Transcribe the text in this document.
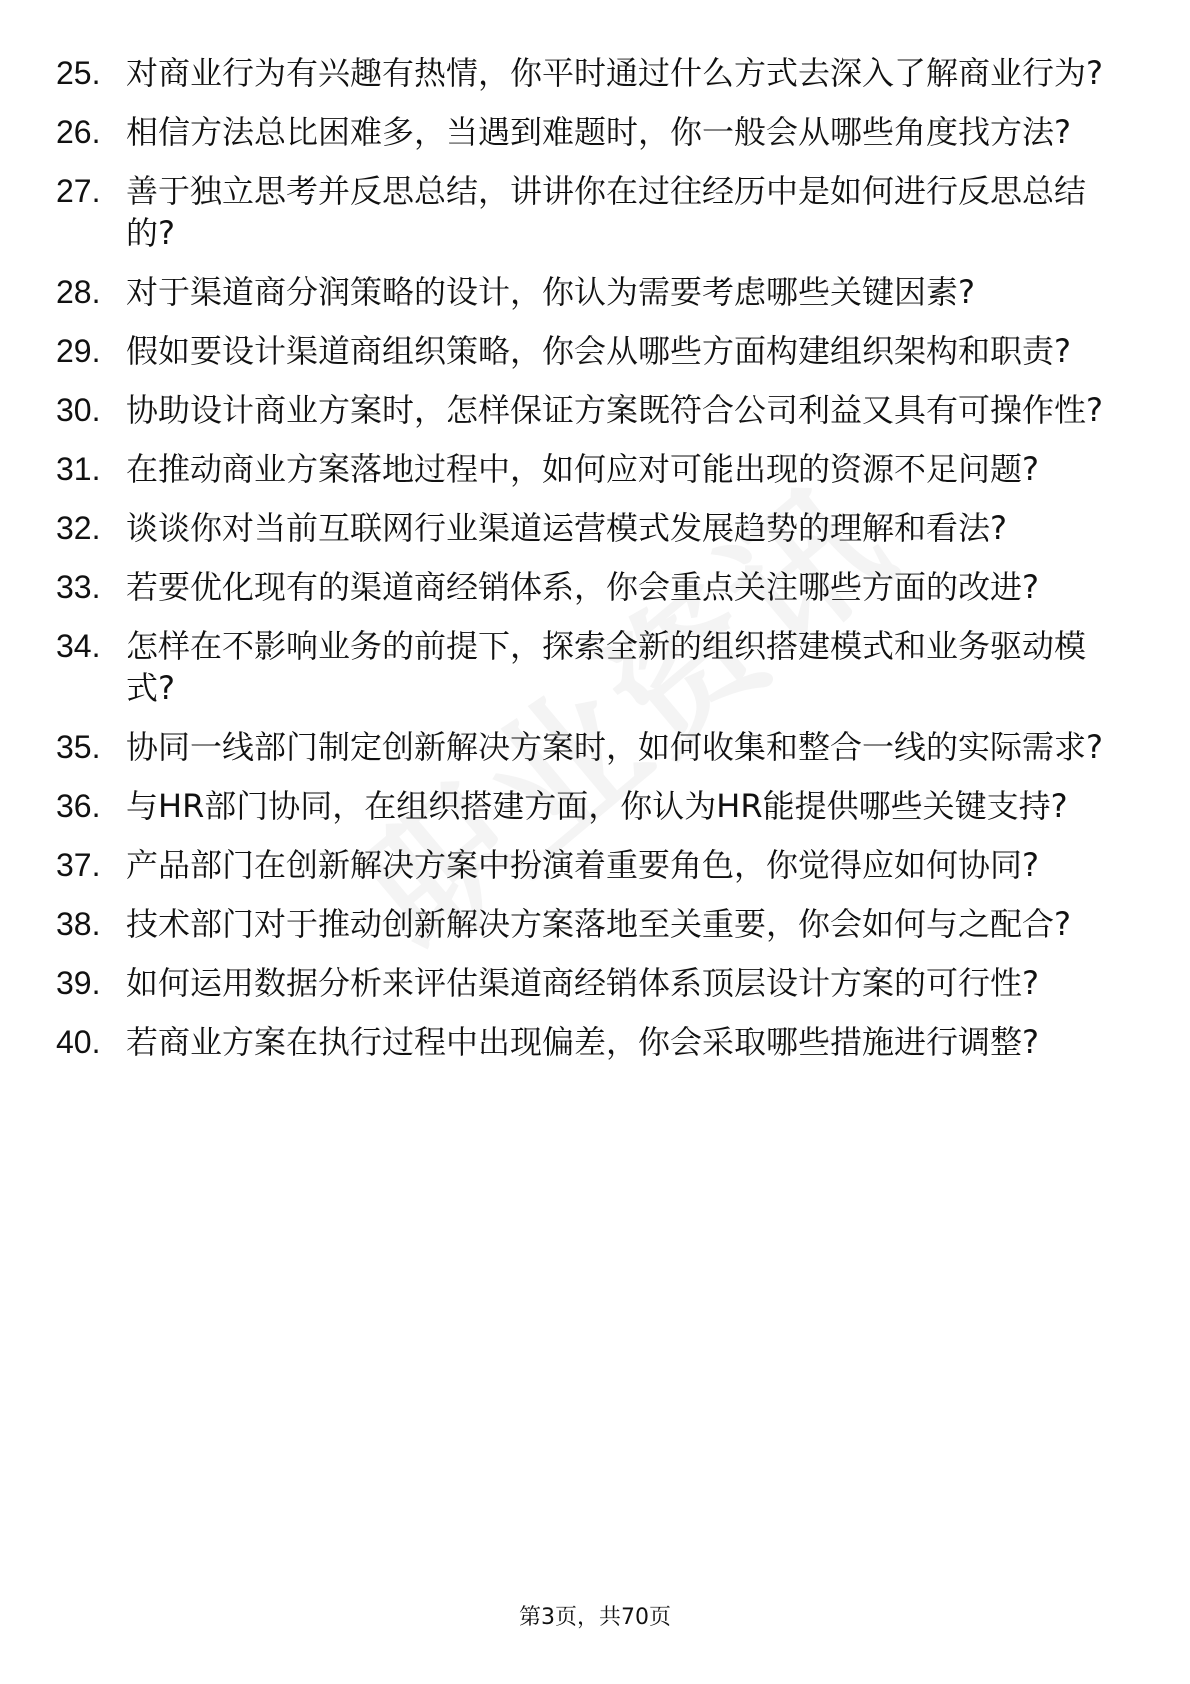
25. 对商业行为有兴趣有热情，你平时通过什么方式去深入了解商业行为?
26. 相信方法总比困难多，当遇到难题时，你一般会从哪些角度找方法?
27. 善于独立思考并反思总结，讲讲你在过往经历中是如何进行反思总结的?
28. 对于渠道商分润策略的设计，你认为需要考虑哪些关键因素?
29. 假如要设计渠道商组织策略，你会从哪些方面构建组织架构和职责?
30. 协助设计商业方案时，怎样保证方案既符合公司利益又具有可操作性?
31. 在推动商业方案落地过程中，如何应对可能出现的资源不足问题?
32. 谈谈你对当前互联网行业渠道运营模式发展趋势的理解和看法?
33. 若要优化现有的渠道商经销体系，你会重点关注哪些方面的改进?
34. 怎样在不影响业务的前提下，探索全新的组织搭建模式和业务驱动模式?
35. 协同一线部门制定创新解决方案时，如何收集和整合一线的实际需求?
36. 与HR部门协同，在组织搭建方面，你认为HR能提供哪些关键支持?
37. 产品部门在创新解决方案中扮演着重要角色，你觉得应如何协同?
38. 技术部门对于推动创新解决方案落地至关重要，你会如何与之配合?
39. 如何运用数据分析来评估渠道商经销体系顶层设计方案的可行性?
40. 若商业方案在执行过程中出现偏差，你会采取哪些措施进行调整?
第3页，共70页
